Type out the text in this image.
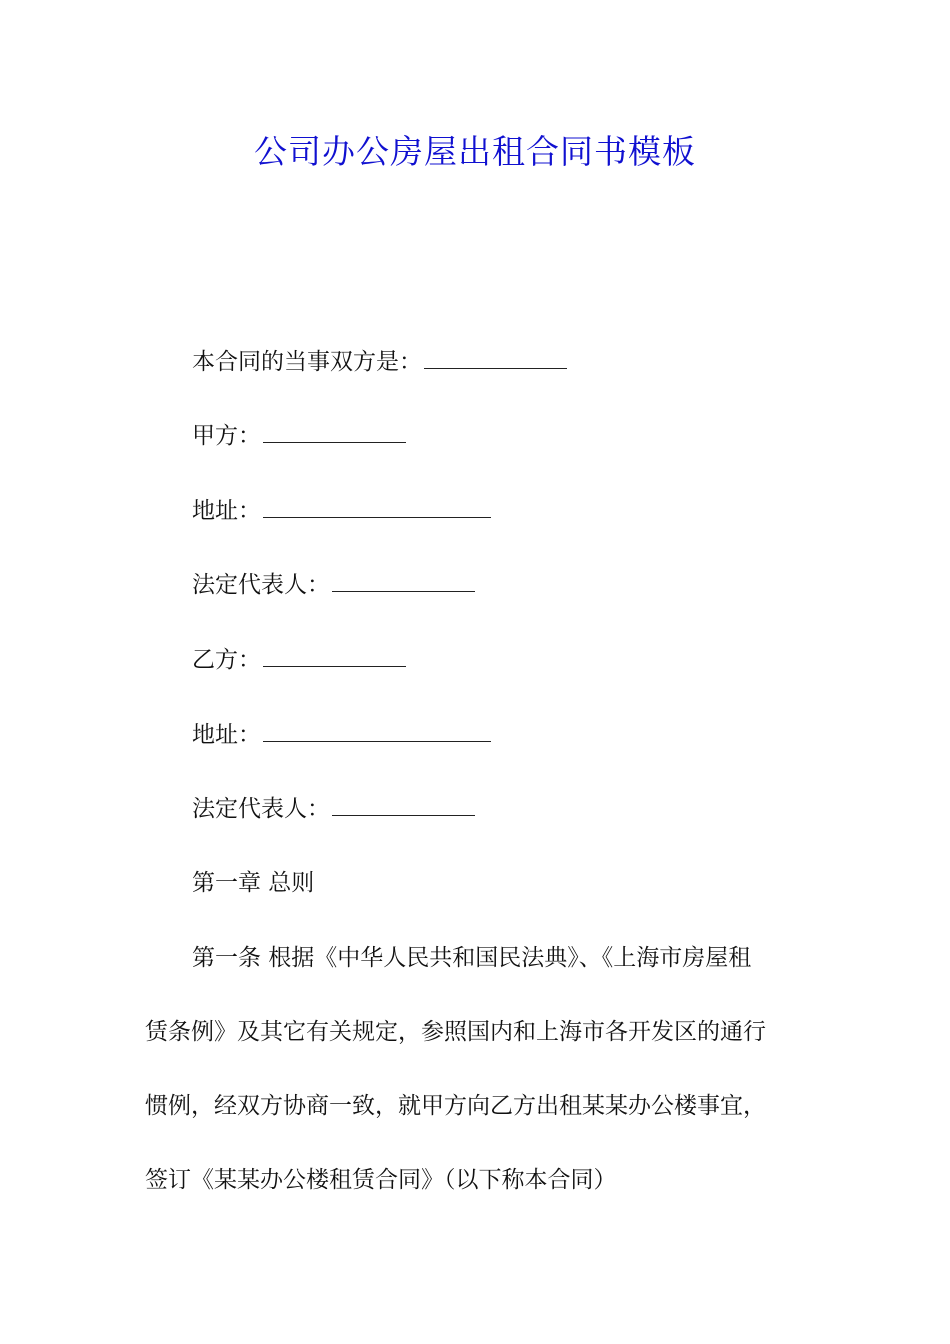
公司办公房屋出租合同书模板
本合同的当事双方是：
甲方：
地址：
法定代表人：
乙方：
地址：
法定代表人：
第一章 总则
第一条 根据《中华人民共和国民法典》、《上海市房屋租
赁条例》及其它有关规定，参照国内和上海市各开发区的通行
惯例，经双方协商一致，就甲方向乙方出租某某办公楼事宜，
签订《某某办公楼租赁合同》（以下称本合同）
